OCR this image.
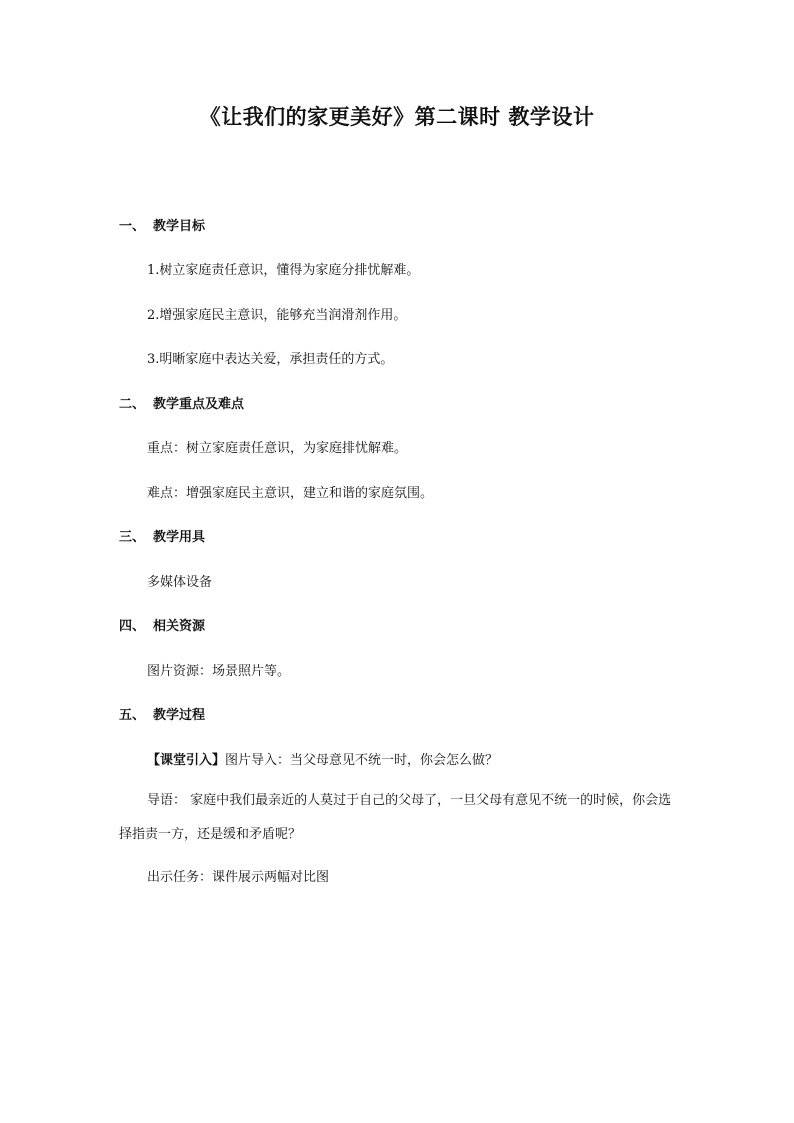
《让我们的家更美好》第二课时 教学设计
一、 教学目标
1.树立家庭责任意识，懂得为家庭分排忧解难。
2.增强家庭民主意识，能够充当润滑剂作用。
3.明晰家庭中表达关爱，承担责任的方式。
二、 教学重点及难点
重点：树立家庭责任意识，为家庭排忧解难。
难点：增强家庭民主意识，建立和谐的家庭氛围。
三、 教学用具
多媒体设备
四、 相关资源
图片资源：场景照片等。
五、 教学过程
【课堂引入】图片导入：当父母意见不统一时，你会怎么做？
导语： 家庭中我们最亲近的人莫过于自己的父母了，一旦父母有意见不统一的时候，你会选择指责一方，还是缓和矛盾呢？
出示任务：课件展示两幅对比图
